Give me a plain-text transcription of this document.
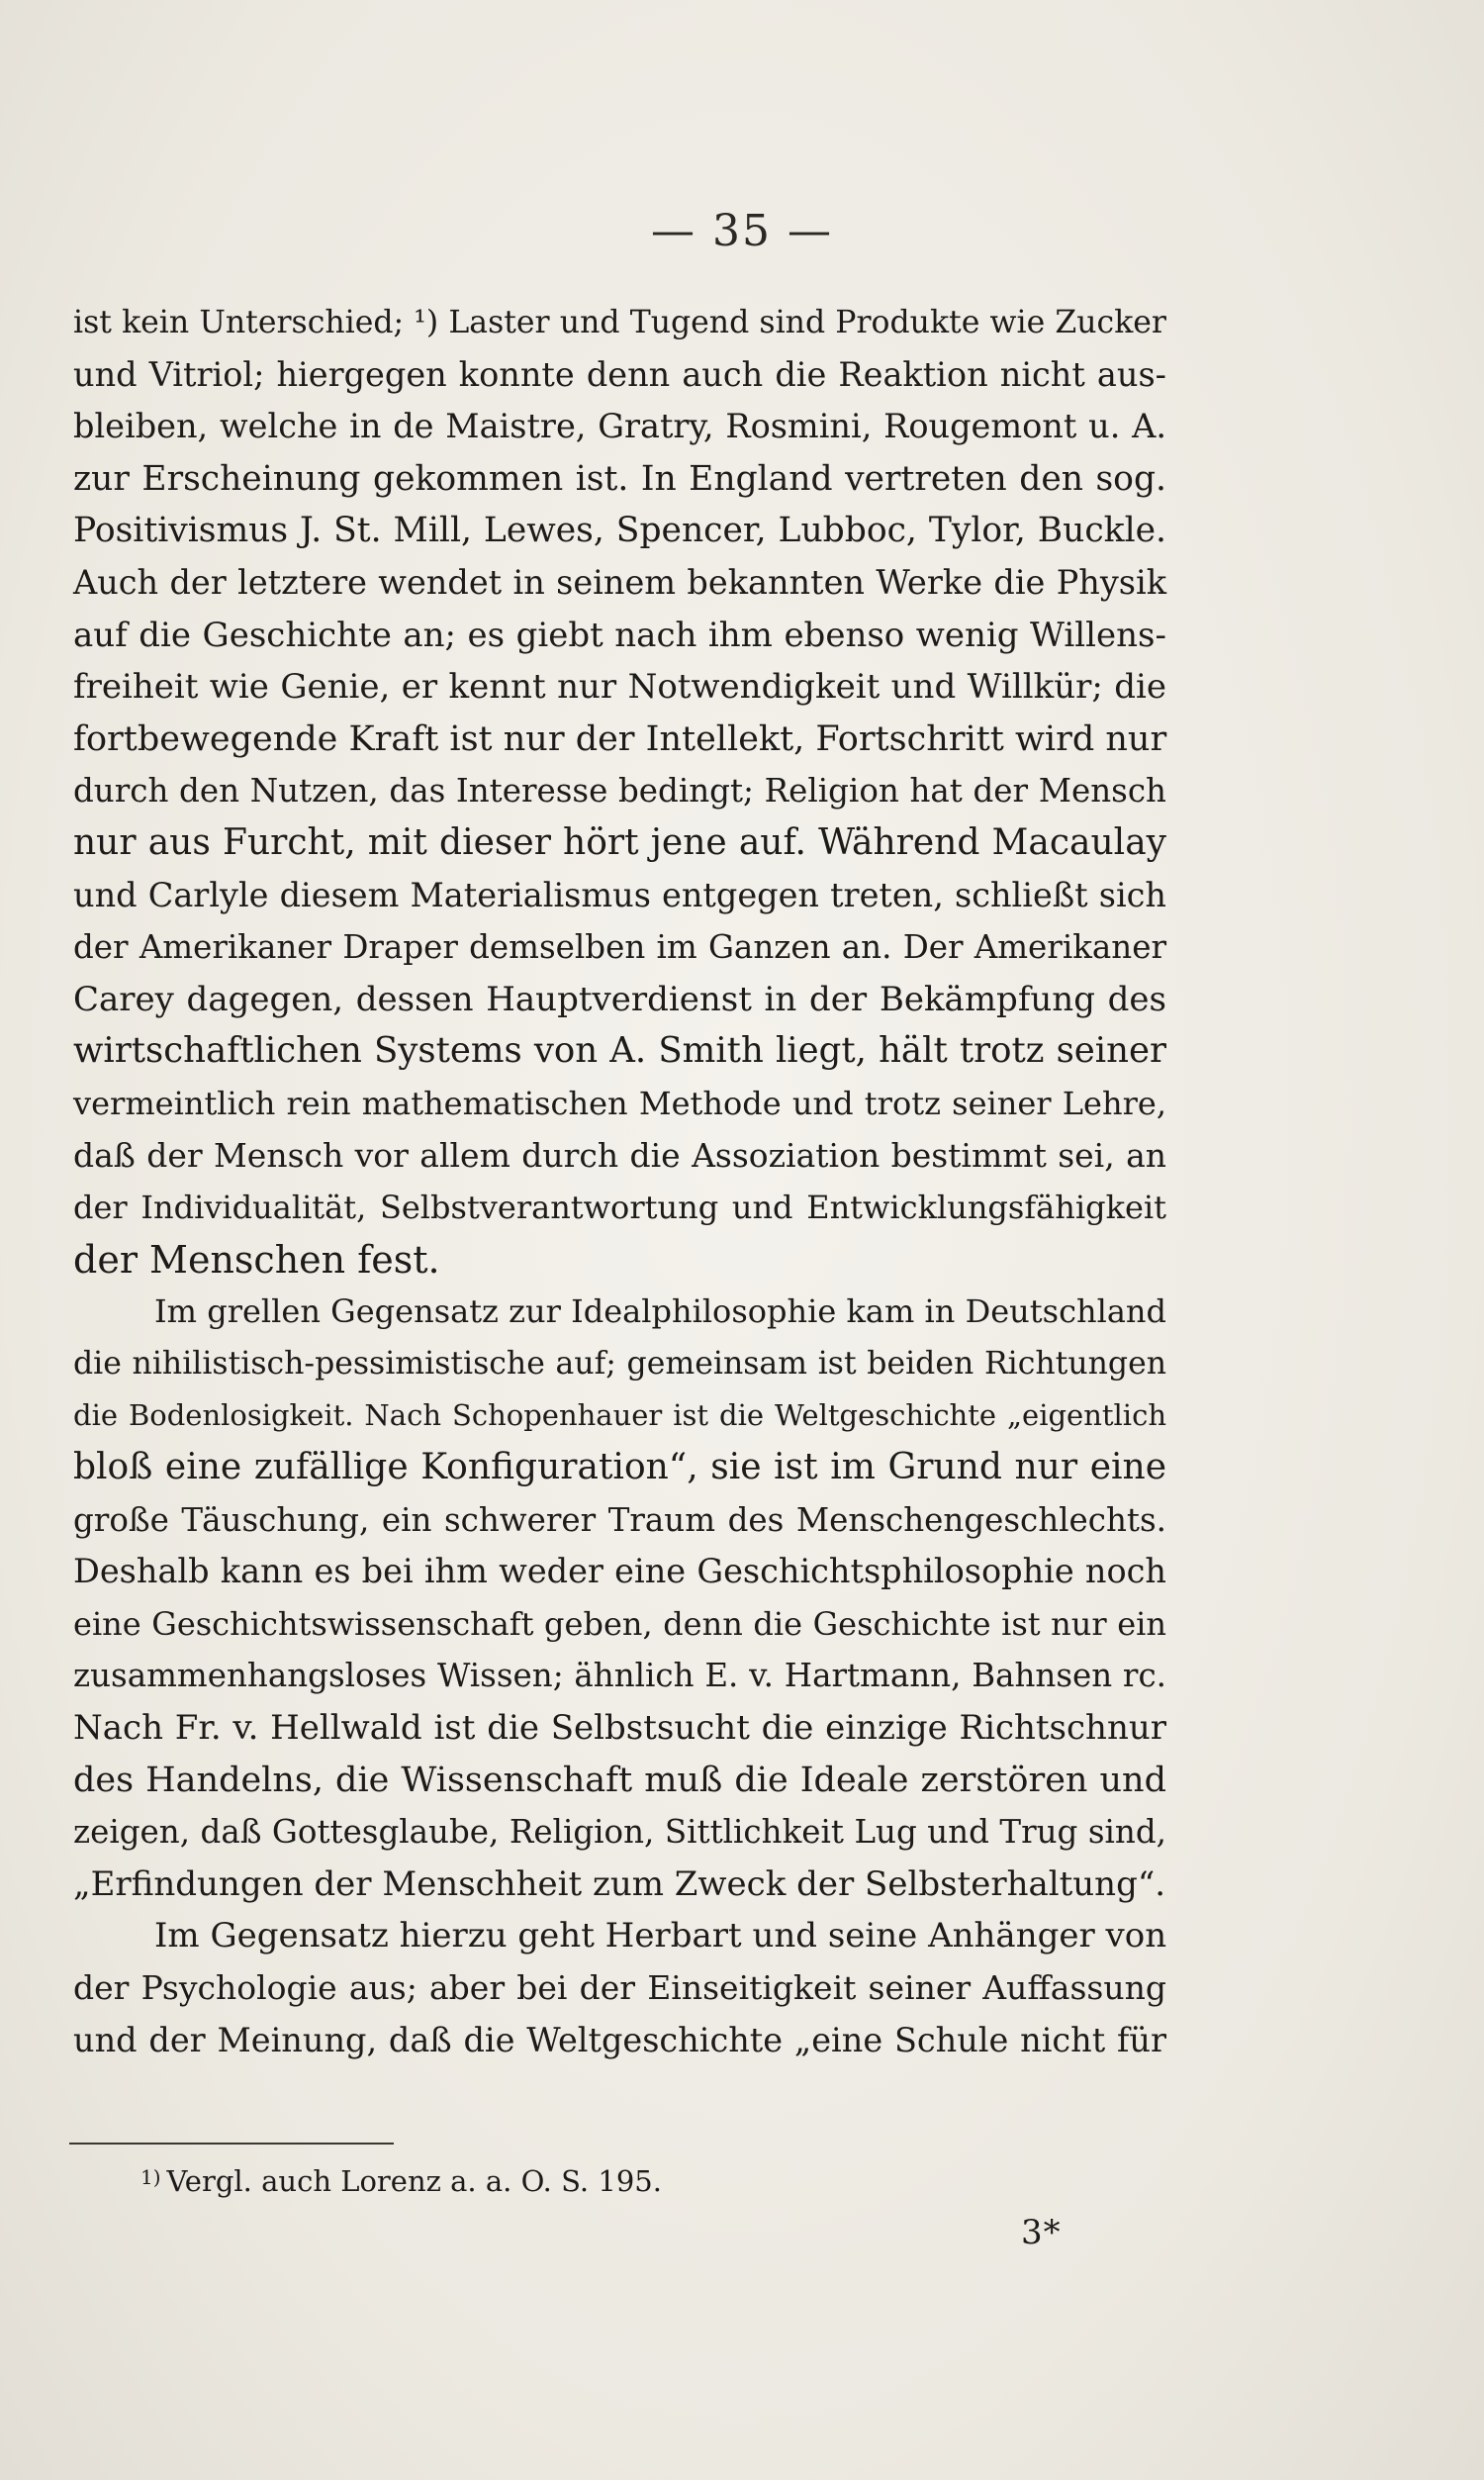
— 35 —
ist kein Unterschied; ¹) Laster und Tugend sind Produkte wie Zucker
und Vitriol; hiergegen konnte denn auch die Reaktion nicht aus-
bleiben, welche in de Maistre, Gratry, Rosmini, Rougemont u. A.
zur Erscheinung gekommen ist. In England vertreten den sog.
Positivismus J. St. Mill, Lewes, Spencer, Lubboc, Tylor, Buckle.
Auch der letztere wendet in seinem bekannten Werke die Physik
auf die Geschichte an; es giebt nach ihm ebenso wenig Willens-
freiheit wie Genie, er kennt nur Notwendigkeit und Willkür; die
fortbewegende Kraft ist nur der Intellekt, Fortschritt wird nur
durch den Nutzen, das Interesse bedingt; Religion hat der Mensch
nur aus Furcht, mit dieser hört jene auf. Während Macaulay
und Carlyle diesem Materialismus entgegen treten, schließt sich
der Amerikaner Draper demselben im Ganzen an. Der Amerikaner
Carey dagegen, dessen Hauptverdienst in der Bekämpfung des
wirtschaftlichen Systems von A. Smith liegt, hält trotz seiner
vermeintlich rein mathematischen Methode und trotz seiner Lehre,
daß der Mensch vor allem durch die Assoziation bestimmt sei, an
der Individualität, Selbstverantwortung und Entwicklungsfähigkeit
der Menschen fest.
Im grellen Gegensatz zur Idealphilosophie kam in Deutschland
die nihilistisch-pessimistische auf; gemeinsam ist beiden Richtungen
die Bodenlosigkeit. Nach Schopenhauer ist die Weltgeschichte „eigentlich
bloß eine zufällige Konfiguration“, sie ist im Grund nur eine
große Täuschung, ein schwerer Traum des Menschengeschlechts.
Deshalb kann es bei ihm weder eine Geschichtsphilosophie noch
eine Geschichtswissenschaft geben, denn die Geschichte ist nur ein
zusammenhangsloses Wissen; ähnlich E. v. Hartmann, Bahnsen rc.
Nach Fr. v. Hellwald ist die Selbstsucht die einzige Richtschnur
des Handelns, die Wissenschaft muß die Ideale zerstören und
zeigen, daß Gottesglaube, Religion, Sittlichkeit Lug und Trug sind,
„Erfindungen der Menschheit zum Zweck der Selbsterhaltung“.
Im Gegensatz hierzu geht Herbart und seine Anhänger von
der Psychologie aus; aber bei der Einseitigkeit seiner Auffassung
und der Meinung, daß die Weltgeschichte „eine Schule nicht für
$^{1)}$ Vergl. auch Lorenz a. a. O. S. 195.
3*
